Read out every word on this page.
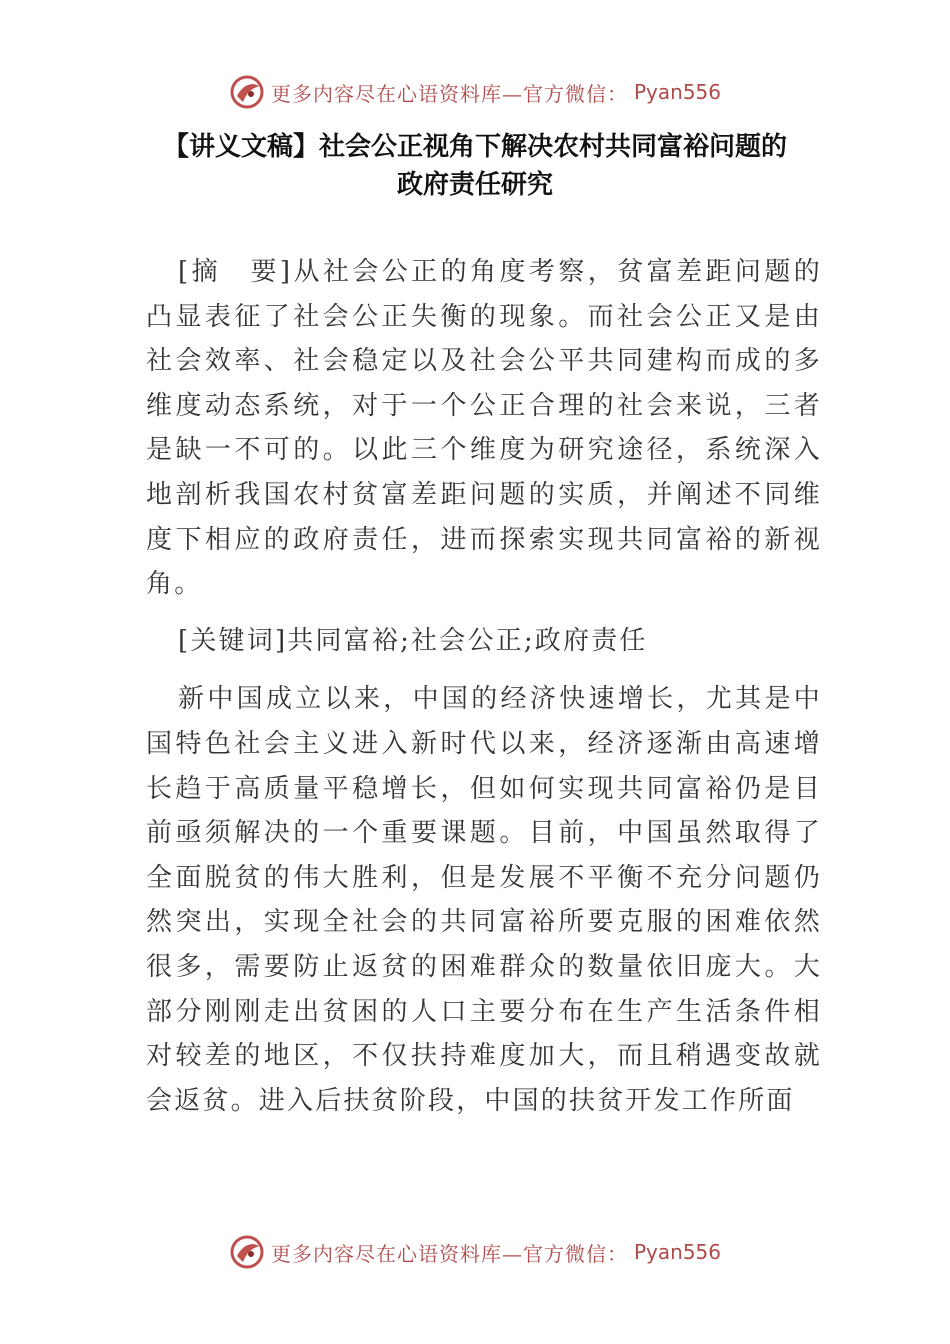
更多内容尽在心语资料库—官方微信： Pyan556
【讲义文稿】社会公正视角下解决农村共同富裕问题的
政府责任研究

[摘　要]从社会公正的角度考察，贫富差距问题的凸显表征了社会公正失衡的现象。而社会公正又是由社会效率、社会稳定以及社会公平共同建构而成的多维度动态系统，对于一个公正合理的社会来说，三者是缺一不可的。以此三个维度为研究途径，系统深入地剖析我国农村贫富差距问题的实质，并阐述不同维度下相应的政府责任，进而探索实现共同富裕的新视角。

[关键词]共同富裕;社会公正;政府责任

新中国成立以来，中国的经济快速增长，尤其是中国特色社会主义进入新时代以来，经济逐渐由高速增长趋于高质量平稳增长，但如何实现共同富裕仍是目前亟须解决的一个重要课题。目前，中国虽然取得了全面脱贫的伟大胜利，但是发展不平衡不充分问题仍然突出，实现全社会的共同富裕所要克服的困难依然很多，需要防止返贫的困难群众的数量依旧庞大。大部分刚刚走出贫困的人口主要分布在生产生活条件相对较差的地区，不仅扶持难度加大，而且稍遇变故就会返贫。进入后扶贫阶段，中国的扶贫开发工作所面

更多内容尽在心语资料库—官方微信： Pyan556
